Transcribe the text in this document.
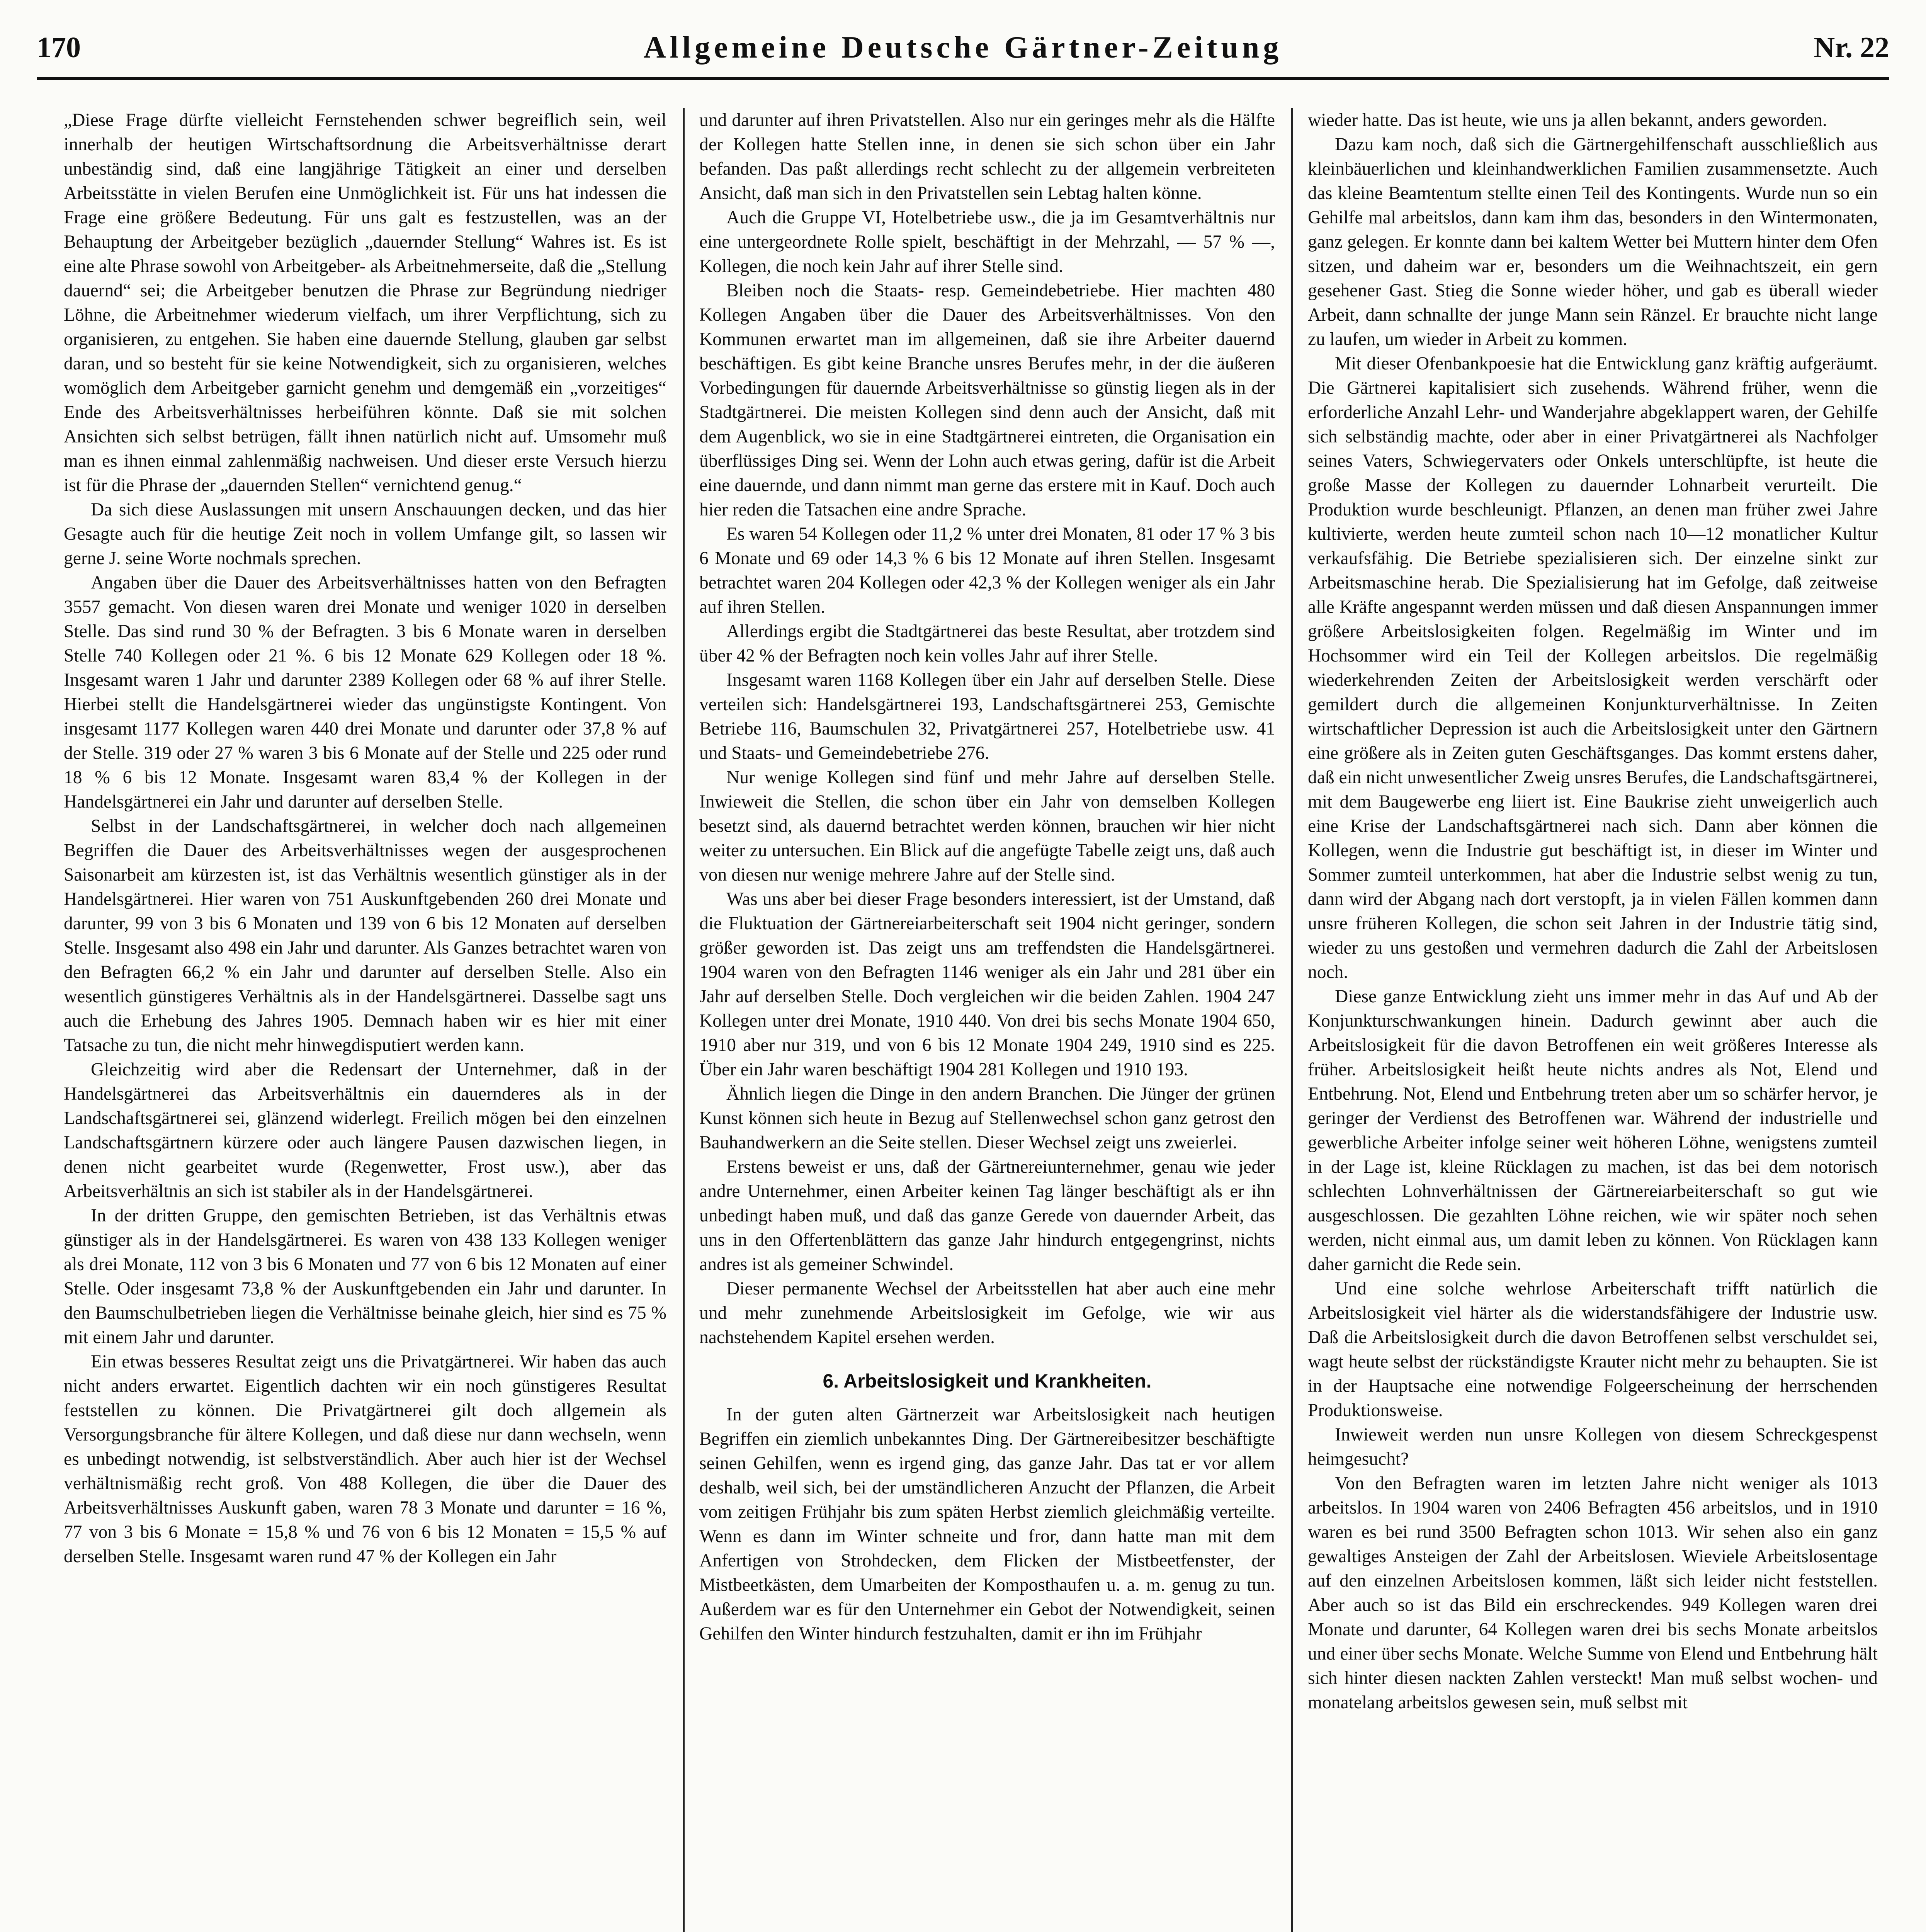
170	Allgemeine Deutsche Gärtner-Zeitung	Nr. 22

„Diese Frage dürfte vielleicht Fernstehenden schwer begreiflich sein, weil innerhalb der heutigen Wirtschaftsordnung die Arbeitsverhältnisse derart unbeständig sind, daß eine langjährige Tätigkeit an einer und derselben Arbeitsstätte in vielen Berufen eine Unmöglichkeit ist. Für uns hat indessen die Frage eine größere Bedeutung. Für uns galt es festzustellen, was an der Behauptung der Arbeitgeber bezüglich „dauernder Stellung“ Wahres ist. Es ist eine alte Phrase sowohl von Arbeitgeber- als Arbeitnehmerseite, daß die „Stellung dauernd“ sei; die Arbeitgeber benutzen die Phrase zur Begründung niedriger Löhne, die Arbeitnehmer wiederum vielfach, um ihrer Verpflichtung, sich zu organisieren, zu entgehen. Sie haben eine dauernde Stellung, glauben gar selbst daran, und so besteht für sie keine Notwendigkeit, sich zu organisieren, welches womöglich dem Arbeitgeber garnicht genehm und demgemäß ein „vorzeitiges“ Ende des Arbeitsverhältnisses herbeiführen könnte. Daß sie mit solchen Ansichten sich selbst betrügen, fällt ihnen natürlich nicht auf. Umsomehr muß man es ihnen einmal zahlenmäßig nachweisen. Und dieser erste Versuch hierzu ist für die Phrase der „dauernden Stellen“ vernichtend genug.“

Da sich diese Auslassungen mit unsern Anschauungen decken, und das hier Gesagte auch für die heutige Zeit noch in vollem Umfange gilt, so lassen wir gerne J. seine Worte nochmals sprechen.

Angaben über die Dauer des Arbeitsverhältnisses hatten von den Befragten 3557 gemacht. Von diesen waren drei Monate und weniger 1020 in derselben Stelle. Das sind rund 30 % der Befragten. 3 bis 6 Monate waren in derselben Stelle 740 Kollegen oder 21 %. 6 bis 12 Monate 629 Kollegen oder 18 %. Insgesamt waren 1 Jahr und darunter 2389 Kollegen oder 68 % auf ihrer Stelle. Hierbei stellt die Handelsgärtnerei wieder das ungünstigste Kontingent. Von insgesamt 1177 Kollegen waren 440 drei Monate und darunter oder 37,8 % auf der Stelle. 319 oder 27 % waren 3 bis 6 Monate auf der Stelle und 225 oder rund 18 % 6 bis 12 Monate. Insgesamt waren 83,4 % der Kollegen in der Handelsgärtnerei ein Jahr und darunter auf derselben Stelle.

Selbst in der Landschaftsgärtnerei, in welcher doch nach allgemeinen Begriffen die Dauer des Arbeitsverhältnisses wegen der ausgesprochenen Saisonarbeit am kürzesten ist, ist das Verhältnis wesentlich günstiger als in der Handelsgärtnerei. Hier waren von 751 Auskunftgebenden 260 drei Monate und darunter, 99 von 3 bis 6 Monaten und 139 von 6 bis 12 Monaten auf derselben Stelle. Insgesamt also 498 ein Jahr und darunter. Als Ganzes betrachtet waren von den Befragten 66,2 % ein Jahr und darunter auf derselben Stelle. Also ein wesentlich günstigeres Verhältnis als in der Handelsgärtnerei. Dasselbe sagt uns auch die Erhebung des Jahres 1905. Demnach haben wir es hier mit einer Tatsache zu tun, die nicht mehr hinwegdisputiert werden kann.

Gleichzeitig wird aber die Redensart der Unternehmer, daß in der Handelsgärtnerei das Arbeitsverhältnis ein dauernderes als in der Landschaftsgärtnerei sei, glänzend widerlegt. Freilich mögen bei den einzelnen Landschaftsgärtnern kürzere oder auch längere Pausen dazwischen liegen, in denen nicht gearbeitet wurde (Regenwetter, Frost usw.), aber das Arbeitsverhältnis an sich ist stabiler als in der Handelsgärtnerei.

In der dritten Gruppe, den gemischten Betrieben, ist das Verhältnis etwas günstiger als in der Handelsgärtnerei. Es waren von 438 133 Kollegen weniger als drei Monate, 112 von 3 bis 6 Monaten und 77 von 6 bis 12 Monaten auf einer Stelle. Oder insgesamt 73,8 % der Auskunftgebenden ein Jahr und darunter. In den Baumschulbetrieben liegen die Verhältnisse beinahe gleich, hier sind es 75 % mit einem Jahr und darunter.

Ein etwas besseres Resultat zeigt uns die Privatgärtnerei. Wir haben das auch nicht anders erwartet. Eigentlich dachten wir ein noch günstigeres Resultat feststellen zu können. Die Privatgärtnerei gilt doch allgemein als Versorgungsbranche für ältere Kollegen, und daß diese nur dann wechseln, wenn es unbedingt notwendig, ist selbstverständlich. Aber auch hier ist der Wechsel verhältnismäßig recht groß. Von 488 Kollegen, die über die Dauer des Arbeitsverhältnisses Auskunft gaben, waren 78 3 Monate und darunter = 16 %, 77 von 3 bis 6 Monate = 15,8 % und 76 von 6 bis 12 Monaten = 15,5 % auf derselben Stelle. Insgesamt waren rund 47 % der Kollegen ein Jahr

und darunter auf ihren Privatstellen. Also nur ein geringes mehr als die Hälfte der Kollegen hatte Stellen inne, in denen sie sich schon über ein Jahr befanden. Das paßt allerdings recht schlecht zu der allgemein verbreiteten Ansicht, daß man sich in den Privatstellen sein Lebtag halten könne.

Auch die Gruppe VI, Hotelbetriebe usw., die ja im Gesamtverhältnis nur eine untergeordnete Rolle spielt, beschäftigt in der Mehrzahl, — 57 % —, Kollegen, die noch kein Jahr auf ihrer Stelle sind.

Bleiben noch die Staats- resp. Gemeindebetriebe. Hier machten 480 Kollegen Angaben über die Dauer des Arbeitsverhältnisses. Von den Kommunen erwartet man im allgemeinen, daß sie ihre Arbeiter dauernd beschäftigen. Es gibt keine Branche unsres Berufes mehr, in der die äußeren Vorbedingungen für dauernde Arbeitsverhältnisse so günstig liegen als in der Stadtgärtnerei. Die meisten Kollegen sind denn auch der Ansicht, daß mit dem Augenblick, wo sie in eine Stadtgärtnerei eintreten, die Organisation ein überflüssiges Ding sei. Wenn der Lohn auch etwas gering, dafür ist die Arbeit eine dauernde, und dann nimmt man gerne das erstere mit in Kauf. Doch auch hier reden die Tatsachen eine andre Sprache.

Es waren 54 Kollegen oder 11,2 % unter drei Monaten, 81 oder 17 % 3 bis 6 Monate und 69 oder 14,3 % 6 bis 12 Monate auf ihren Stellen. Insgesamt betrachtet waren 204 Kollegen oder 42,3 % der Kollegen weniger als ein Jahr auf ihren Stellen.

Allerdings ergibt die Stadtgärtnerei das beste Resultat, aber trotzdem sind über 42 % der Befragten noch kein volles Jahr auf ihrer Stelle.

Insgesamt waren 1168 Kollegen über ein Jahr auf derselben Stelle. Diese verteilen sich: Handelsgärtnerei 193, Landschaftsgärtnerei 253, Gemischte Betriebe 116, Baumschulen 32, Privatgärtnerei 257, Hotelbetriebe usw. 41 und Staats- und Gemeindebetriebe 276.

Nur wenige Kollegen sind fünf und mehr Jahre auf derselben Stelle. Inwieweit die Stellen, die schon über ein Jahr von demselben Kollegen besetzt sind, als dauernd betrachtet werden können, brauchen wir hier nicht weiter zu untersuchen. Ein Blick auf die angefügte Tabelle zeigt uns, daß auch von diesen nur wenige mehrere Jahre auf der Stelle sind.

Was uns aber bei dieser Frage besonders interessiert, ist der Umstand, daß die Fluktuation der Gärtnereiarbeiterschaft seit 1904 nicht geringer, sondern größer geworden ist. Das zeigt uns am treffendsten die Handelsgärtnerei. 1904 waren von den Befragten 1146 weniger als ein Jahr und 281 über ein Jahr auf derselben Stelle. Doch vergleichen wir die beiden Zahlen. 1904 247 Kollegen unter drei Monate, 1910 440. Von drei bis sechs Monate 1904 650, 1910 aber nur 319, und von 6 bis 12 Monate 1904 249, 1910 sind es 225. Über ein Jahr waren beschäftigt 1904 281 Kollegen und 1910 193.

Ähnlich liegen die Dinge in den andern Branchen. Die Jünger der grünen Kunst können sich heute in Bezug auf Stellenwechsel schon ganz getrost den Bauhandwerkern an die Seite stellen. Dieser Wechsel zeigt uns zweierlei.

Erstens beweist er uns, daß der Gärtnereiunternehmer, genau wie jeder andre Unternehmer, einen Arbeiter keinen Tag länger beschäftigt als er ihn unbedingt haben muß, und daß das ganze Gerede von dauernder Arbeit, das uns in den Offertenblättern das ganze Jahr hindurch entgegengrinst, nichts andres ist als gemeiner Schwindel.

Dieser permanente Wechsel der Arbeitsstellen hat aber auch eine mehr und mehr zunehmende Arbeitslosigkeit im Gefolge, wie wir aus nachstehendem Kapitel ersehen werden.

6. Arbeitslosigkeit und Krankheiten.

In der guten alten Gärtnerzeit war Arbeitslosigkeit nach heutigen Begriffen ein ziemlich unbekanntes Ding. Der Gärtnereibesitzer beschäftigte seinen Gehilfen, wenn es irgend ging, das ganze Jahr. Das tat er vor allem deshalb, weil sich, bei der umständlicheren Anzucht der Pflanzen, die Arbeit vom zeitigen Frühjahr bis zum späten Herbst ziemlich gleichmäßig verteilte. Wenn es dann im Winter schneite und fror, dann hatte man mit dem Anfertigen von Strohdecken, dem Flicken der Mistbeetfenster, der Mistbeetkästen, dem Umarbeiten der Komposthaufen u. a. m. genug zu tun. Außerdem war es für den Unternehmer ein Gebot der Notwendigkeit, seinen Gehilfen den Winter hindurch festzuhalten, damit er ihn im Frühjahr

wieder hatte. Das ist heute, wie uns ja allen bekannt, anders geworden.

Dazu kam noch, daß sich die Gärtnergehilfenschaft ausschließlich aus kleinbäuerlichen und kleinhandwerklichen Familien zusammensetzte. Auch das kleine Beamtentum stellte einen Teil des Kontingents. Wurde nun so ein Gehilfe mal arbeitslos, dann kam ihm das, besonders in den Wintermonaten, ganz gelegen. Er konnte dann bei kaltem Wetter bei Muttern hinter dem Ofen sitzen, und daheim war er, besonders um die Weihnachtszeit, ein gern gesehener Gast. Stieg die Sonne wieder höher, und gab es überall wieder Arbeit, dann schnallte der junge Mann sein Ränzel. Er brauchte nicht lange zu laufen, um wieder in Arbeit zu kommen.

Mit dieser Ofenbankpoesie hat die Entwicklung ganz kräftig aufgeräumt. Die Gärtnerei kapitalisiert sich zusehends. Während früher, wenn die erforderliche Anzahl Lehr- und Wanderjahre abgeklappert waren, der Gehilfe sich selbständig machte, oder aber in einer Privatgärtnerei als Nachfolger seines Vaters, Schwiegervaters oder Onkels unterschlüpfte, ist heute die große Masse der Kollegen zu dauernder Lohnarbeit verurteilt. Die Produktion wurde beschleunigt. Pflanzen, an denen man früher zwei Jahre kultivierte, werden heute zumteil schon nach 10—12 monatlicher Kultur verkaufsfähig. Die Betriebe spezialisieren sich. Der einzelne sinkt zur Arbeitsmaschine herab. Die Spezialisierung hat im Gefolge, daß zeitweise alle Kräfte angespannt werden müssen und daß diesen Anspannungen immer größere Arbeitslosigkeiten folgen. Regelmäßig im Winter und im Hochsommer wird ein Teil der Kollegen arbeitslos. Die regelmäßig wiederkehrenden Zeiten der Arbeitslosigkeit werden verschärft oder gemildert durch die allgemeinen Konjunkturverhältnisse. In Zeiten wirtschaftlicher Depression ist auch die Arbeitslosigkeit unter den Gärtnern eine größere als in Zeiten guten Geschäftsganges. Das kommt erstens daher, daß ein nicht unwesentlicher Zweig unsres Berufes, die Landschaftsgärtnerei, mit dem Baugewerbe eng liiert ist. Eine Baukrise zieht unweigerlich auch eine Krise der Landschaftsgärtnerei nach sich. Dann aber können die Kollegen, wenn die Industrie gut beschäftigt ist, in dieser im Winter und Sommer zumteil unterkommen, hat aber die Industrie selbst wenig zu tun, dann wird der Abgang nach dort verstopft, ja in vielen Fällen kommen dann unsre früheren Kollegen, die schon seit Jahren in der Industrie tätig sind, wieder zu uns gestoßen und vermehren dadurch die Zahl der Arbeitslosen noch.

Diese ganze Entwicklung zieht uns immer mehr in das Auf und Ab der Konjunkturschwankungen hinein. Dadurch gewinnt aber auch die Arbeitslosigkeit für die davon Betroffenen ein weit größeres Interesse als früher. Arbeitslosigkeit heißt heute nichts andres als Not, Elend und Entbehrung. Not, Elend und Entbehrung treten aber um so schärfer hervor, je geringer der Verdienst des Betroffenen war. Während der industrielle und gewerbliche Arbeiter infolge seiner weit höheren Löhne, wenigstens zumteil in der Lage ist, kleine Rücklagen zu machen, ist das bei dem notorisch schlechten Lohnverhältnissen der Gärtnereiarbeiterschaft so gut wie ausgeschlossen. Die gezahlten Löhne reichen, wie wir später noch sehen werden, nicht einmal aus, um damit leben zu können. Von Rücklagen kann daher garnicht die Rede sein.

Und eine solche wehrlose Arbeiterschaft trifft natürlich die Arbeitslosigkeit viel härter als die widerstandsfähigere der Industrie usw. Daß die Arbeitslosigkeit durch die davon Betroffenen selbst verschuldet sei, wagt heute selbst der rückständigste Krauter nicht mehr zu behaupten. Sie ist in der Hauptsache eine notwendige Folgeerscheinung der herrschenden Produktionsweise.

Inwieweit werden nun unsre Kollegen von diesem Schreckgespenst heimgesucht?

Von den Befragten waren im letzten Jahre nicht weniger als 1013 arbeitslos. In 1904 waren von 2406 Befragten 456 arbeitslos, und in 1910 waren es bei rund 3500 Befragten schon 1013. Wir sehen also ein ganz gewaltiges Ansteigen der Zahl der Arbeitslosen. Wieviele Arbeitslosentage auf den einzelnen Arbeitslosen kommen, läßt sich leider nicht feststellen. Aber auch so ist das Bild ein erschreckendes. 949 Kollegen waren drei Monate und darunter, 64 Kollegen waren drei bis sechs Monate arbeitslos und einer über sechs Monate. Welche Summe von Elend und Entbehrung hält sich hinter diesen nackten Zahlen versteckt! Man muß selbst wochen- und monatelang arbeitslos gewesen sein, muß selbst mit
